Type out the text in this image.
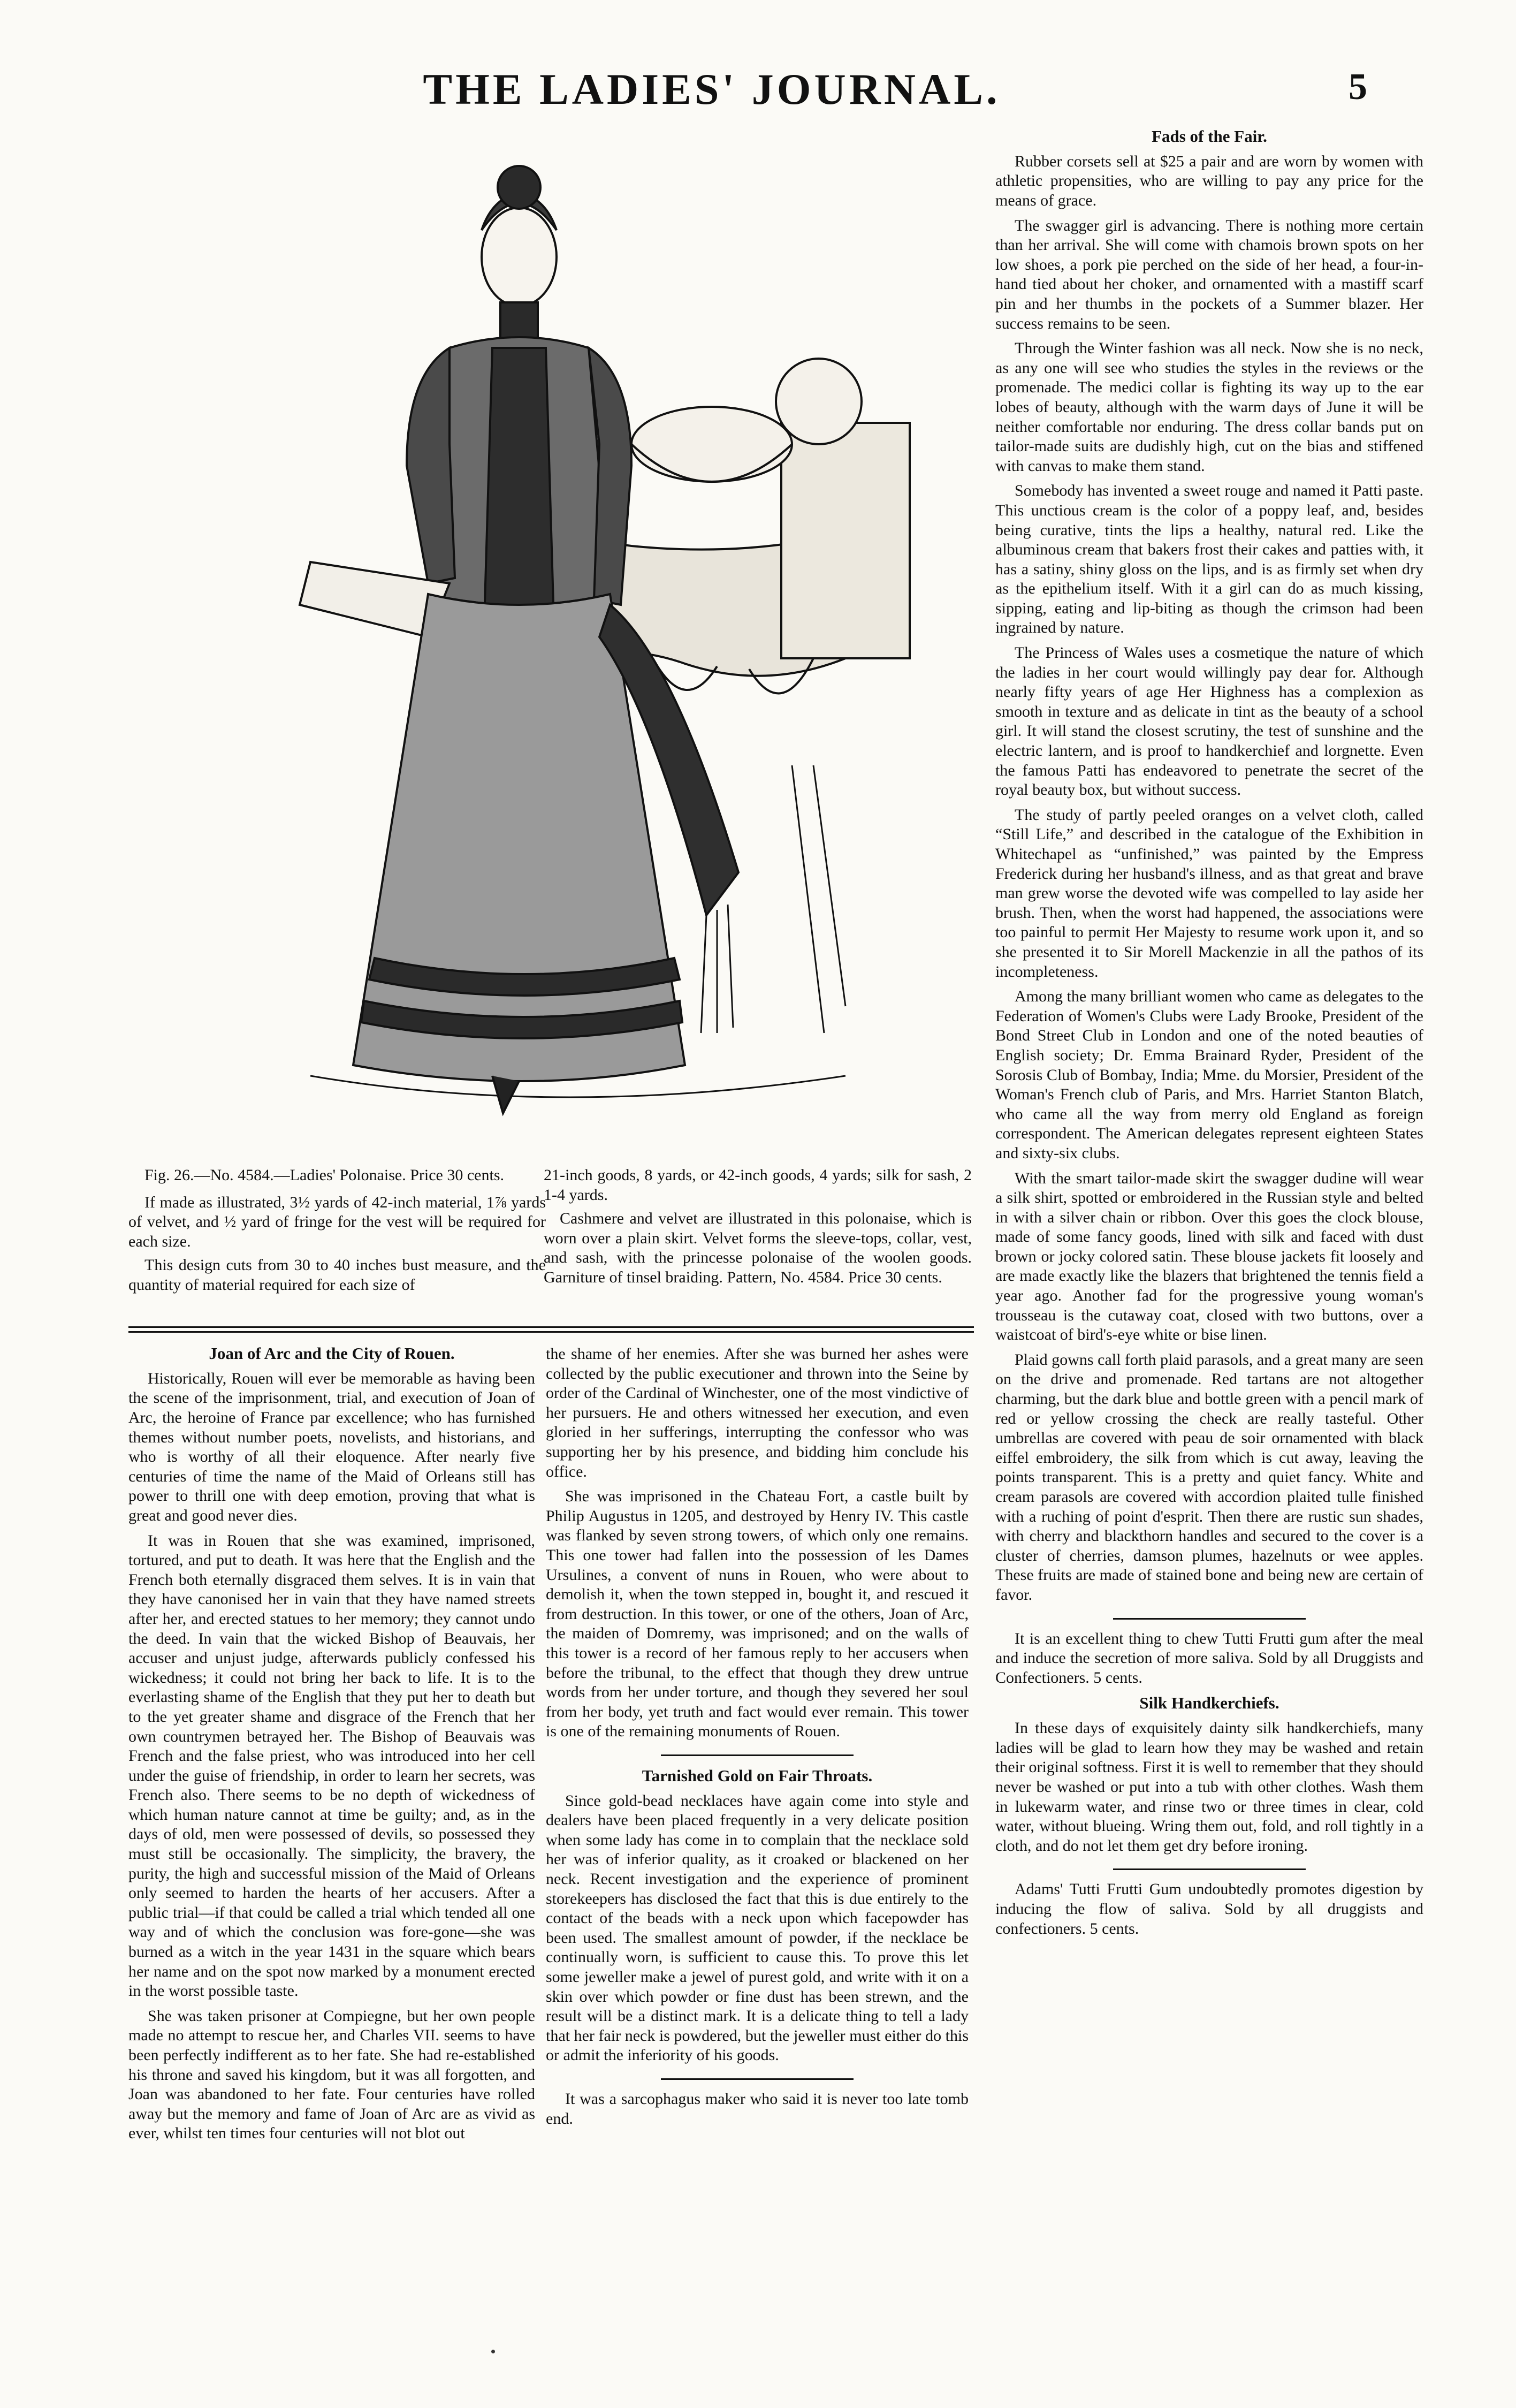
THE LADIES' JOURNAL.	5

Fig. 26.—No. 4584.—Ladies' Polonaise. Price 30 cents.

If made as illustrated, 3½ yards of 42-inch material, 1⅞ yards of velvet, and ½ yard of fringe for the vest will be required for each size.

This design cuts from 30 to 40 inches bust measure, and the quantity of material required for each size of

21-inch goods, 8 yards, or 42-inch goods, 4 yards; silk for sash, 2 1-4 yards.

Cashmere and velvet are illustrated in this polonaise, which is worn over a plain skirt. Velvet forms the sleeve-tops, collar, vest, and sash, with the princesse polonaise of the woolen goods. Garniture of tinsel braiding. Pattern, No. 4584. Price 30 cents.

Joan of Arc and the City of Rouen.

Historically, Rouen will ever be memorable as having been the scene of the imprisonment, trial, and execution of Joan of Arc, the heroine of France par excellence; who has furnished themes without number poets, novelists, and historians, and who is worthy of all their eloquence. After nearly five centuries of time the name of the Maid of Orleans still has power to thrill one with deep emotion, proving that what is great and good never dies.

It was in Rouen that she was examined, imprisoned, tortured, and put to death. It was here that the English and the French both eternally disgraced them selves. It is in vain that they have canonised her in vain that they have named streets after her, and erected statues to her memory; they cannot undo the deed. In vain that the wicked Bishop of Beauvais, her accuser and unjust judge, afterwards publicly confessed his wickedness; it could not bring her back to life. It is to the everlasting shame of the English that they put her to death but to the yet greater shame and disgrace of the French that her own countrymen betrayed her. The Bishop of Beauvais was French and the false priest, who was introduced into her cell under the guise of friendship, in order to learn her secrets, was French also. There seems to be no depth of wickedness of which human nature cannot at time be guilty; and, as in the days of old, men were possessed of devils, so possessed they must still be occasionally. The simplicity, the bravery, the purity, the high and successful mission of the Maid of Orleans only seemed to harden the hearts of her accusers. After a public trial—if that could be called a trial which tended all one way and of which the conclusion was fore-gone—she was burned as a witch in the year 1431 in the square which bears her name and on the spot now marked by a monument erected in the worst possible taste.

She was taken prisoner at Compiegne, but her own people made no attempt to rescue her, and Charles VII. seems to have been perfectly indifferent as to her fate. She had re-established his throne and saved his kingdom, but it was all forgotten, and Joan was abandoned to her fate. Four centuries have rolled away but the memory and fame of Joan of Arc are as vivid as ever, whilst ten times four centuries will not blot out

the shame of her enemies. After she was burned her ashes were collected by the public executioner and thrown into the Seine by order of the Cardinal of Winchester, one of the most vindictive of her pursuers. He and others witnessed her execution, and even gloried in her sufferings, interrupting the confessor who was supporting her by his presence, and bidding him conclude his office.

She was imprisoned in the Chateau Fort, a castle built by Philip Augustus in 1205, and destroyed by Henry IV. This castle was flanked by seven strong towers, of which only one remains. This one tower had fallen into the possession of les Dames Ursulines, a convent of nuns in Rouen, who were about to demolish it, when the town stepped in, bought it, and rescued it from destruction. In this tower, or one of the others, Joan of Arc, the maiden of Domremy, was imprisoned; and on the walls of this tower is a record of her famous reply to her accusers when before the tribunal, to the effect that though they drew untrue words from her under torture, and though they severed her soul from her body, yet truth and fact would ever remain. This tower is one of the remaining monuments of Rouen.

Tarnished Gold on Fair Throats.

Since gold-bead necklaces have again come into style and dealers have been placed frequently in a very delicate position when some lady has come in to complain that the necklace sold her was of inferior quality, as it croaked or blackened on her neck. Recent investigation and the experience of prominent storekeepers has disclosed the fact that this is due entirely to the contact of the beads with a neck upon which facepowder has been used. The smallest amount of powder, if the necklace be continually worn, is sufficient to cause this. To prove this let some jeweller make a jewel of purest gold, and write with it on a skin over which powder or fine dust has been strewn, and the result will be a distinct mark. It is a delicate thing to tell a lady that her fair neck is powdered, but the jeweller must either do this or admit the inferiority of his goods.

It was a sarcophagus maker who said it is never too late tomb end.

Fads of the Fair.

Rubber corsets sell at $25 a pair and are worn by women with athletic propensities, who are willing to pay any price for the means of grace.

The swagger girl is advancing. There is nothing more certain than her arrival. She will come with chamois brown spots on her low shoes, a pork pie perched on the side of her head, a four-in-hand tied about her choker, and ornamented with a mastiff scarf pin and her thumbs in the pockets of a Summer blazer. Her success remains to be seen.

Through the Winter fashion was all neck. Now she is no neck, as any one will see who studies the styles in the reviews or the promenade. The medici collar is fighting its way up to the ear lobes of beauty, although with the warm days of June it will be neither comfortable nor enduring. The dress collar bands put on tailor-made suits are dudishly high, cut on the bias and stiffened with canvas to make them stand.

Somebody has invented a sweet rouge and named it Patti paste. This unctious cream is the color of a poppy leaf, and, besides being curative, tints the lips a healthy, natural red. Like the albuminous cream that bakers frost their cakes and patties with, it has a satiny, shiny gloss on the lips, and is as firmly set when dry as the epithelium itself. With it a girl can do as much kissing, sipping, eating and lip-biting as though the crimson had been ingrained by nature.

The Princess of Wales uses a cosmetique the nature of which the ladies in her court would willingly pay dear for. Although nearly fifty years of age Her Highness has a complexion as smooth in texture and as delicate in tint as the beauty of a school girl. It will stand the closest scrutiny, the test of sunshine and the electric lantern, and is proof to handkerchief and lorgnette. Even the famous Patti has endeavored to penetrate the secret of the royal beauty box, but without success.

The study of partly peeled oranges on a velvet cloth, called “Still Life,” and described in the catalogue of the Exhibition in Whitechapel as “unfinished,” was painted by the Empress Frederick during her husband's illness, and as that great and brave man grew worse the devoted wife was compelled to lay aside her brush. Then, when the worst had happened, the associations were too painful to permit Her Majesty to resume work upon it, and so she presented it to Sir Morell Mackenzie in all the pathos of its incompleteness.

Among the many brilliant women who came as delegates to the Federation of Women's Clubs were Lady Brooke, President of the Bond Street Club in London and one of the noted beauties of English society; Dr. Emma Brainard Ryder, President of the Sorosis Club of Bombay, India; Mme. du Morsier, President of the Woman's French club of Paris, and Mrs. Harriet Stanton Blatch, who came all the way from merry old England as foreign correspondent. The American delegates represent eighteen States and sixty-six clubs.

With the smart tailor-made skirt the swagger dudine will wear a silk shirt, spotted or embroidered in the Russian style and belted in with a silver chain or ribbon. Over this goes the clock blouse, made of some fancy goods, lined with silk and faced with dust brown or jocky colored satin. These blouse jackets fit loosely and are made exactly like the blazers that brightened the tennis field a year ago. Another fad for the progressive young woman's trousseau is the cutaway coat, closed with two buttons, over a waistcoat of bird's-eye white or bise linen.

Plaid gowns call forth plaid parasols, and a great many are seen on the drive and promenade. Red tartans are not altogether charming, but the dark blue and bottle green with a pencil mark of red or yellow crossing the check are really tasteful. Other umbrellas are covered with peau de soir ornamented with black eiffel embroidery, the silk from which is cut away, leaving the points transparent. This is a pretty and quiet fancy. White and cream parasols are covered with accordion plaited tulle finished with a ruching of point d'esprit. Then there are rustic sun shades, with cherry and blackthorn handles and secured to the cover is a cluster of cherries, damson plumes, hazelnuts or wee apples. These fruits are made of stained bone and being new are certain of favor.

It is an excellent thing to chew Tutti Frutti gum after the meal and induce the secretion of more saliva. Sold by all Druggists and Confectioners. 5 cents.

Silk Handkerchiefs.

In these days of exquisitely dainty silk handkerchiefs, many ladies will be glad to learn how they may be washed and retain their original softness. First it is well to remember that they should never be washed or put into a tub with other clothes. Wash them in lukewarm water, and rinse two or three times in clear, cold water, without blueing. Wring them out, fold, and roll tightly in a cloth, and do not let them get dry before ironing.

Adams' Tutti Frutti Gum undoubtedly promotes digestion by inducing the flow of saliva. Sold by all druggists and confectioners. 5 cents.
